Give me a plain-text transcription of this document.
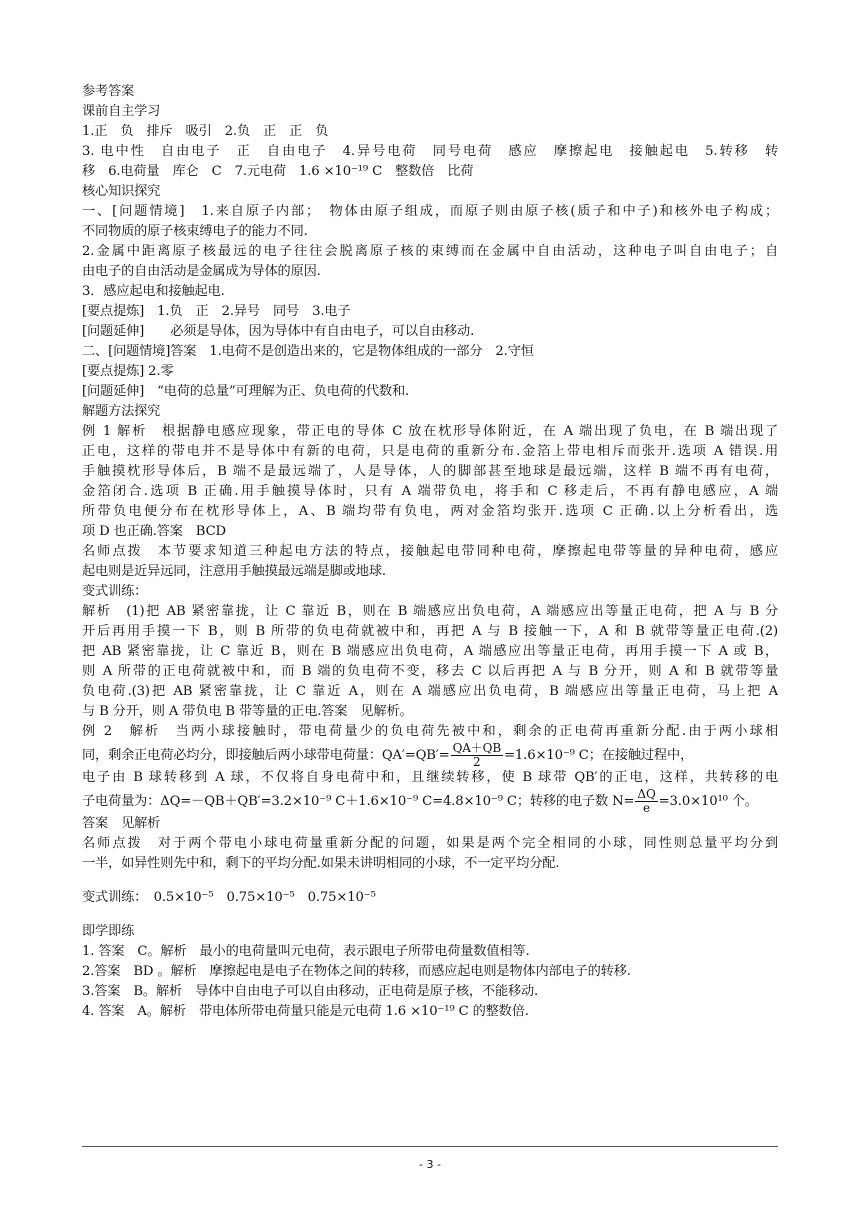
参考答案
课前自主学习
1.正　负　排斥　吸引　2.负　正　正　负
3. 电中性　自由电子　正　自由电子　4.异号电荷　同号电荷　感应　摩擦起电　接触起电　5.转移　转
移　6.电荷量　库仑　C　7.元电荷　1.6 ×10⁻¹⁹ C　整数倍　比荷
核心知识探究
一、[问题情境]　1.来自原子内部；　物体由原子组成，而原子则由原子核(质子和中子)和核外电子构成；
不同物质的原子核束缚电子的能力不同.
2.金属中距离原子核最远的电子往往会脱离原子核的束缚而在金属中自由活动，这种电子叫自由电子；自
由电子的自由活动是金属成为导体的原因.
3．感应起电和接触起电.
[要点提炼]　1.负　正　2.异号　同号　3.电子
[问题延伸]　　必须是导体，因为导体中有自由电子，可以自由移动.
二、[问题情境]答案　1.电荷不是创造出来的，它是物体组成的一部分　2.守恒
[要点提炼] 2.零
[问题延伸]　“电荷的总量”可理解为正、负电荷的代数和.
解题方法探究
例 1 解析　根据静电感应现象，带正电的导体 C 放在枕形导体附近，在 A 端出现了负电，在 B 端出现了
正电，这样的带电并不是导体中有新的电荷，只是电荷的重新分布.金箔上带电相斥而张开.选项 A 错误.用
手触摸枕形导体后，B 端不是最远端了，人是导体，人的脚部甚至地球是最远端，这样 B 端不再有电荷，
金箔闭合.选项 B 正确.用手触摸导体时，只有 A 端带负电，将手和 C 移走后，不再有静电感应，A 端
所带负电便分布在枕形导体上，A、B 端均带有负电，两对金箔均张开.选项 C 正确.以上分析看出，选
项 D 也正确.答案　BCD
名师点拨　本节要求知道三种起电方法的特点，接触起电带同种电荷，摩擦起电带等量的异种电荷，感应
起电则是近异远同，注意用手触摸最远端是脚或地球.
变式训练：
解析　(1)把 AB 紧密靠拢，让 C 靠近 B，则在 B 端感应出负电荷，A 端感应出等量正电荷，把 A 与 B 分
开后再用手摸一下 B，则 B 所带的负电荷就被中和，再把 A 与 B 接触一下，A 和 B 就带等量正电荷.(2)
把 AB 紧密靠拢，让 C 靠近 B，则在 B 端感应出负电荷，A 端感应出等量正电荷，再用手摸一下 A 或 B，
则 A 所带的正电荷就被中和，而 B 端的负电荷不变，移去 C 以后再把 A 与 B 分开，则 A 和 B 就带等量
负电荷.(3)把 AB 紧密靠拢，让 C 靠近 A，则在 A 端感应出负电荷，B 端感应出等量正电荷，马上把 A
与 B 分开，则 A 带负电 B 带等量的正电.答案　见解析。
例 2　解析　当两小球接触时，带电荷量少的负电荷先被中和，剩余的正电荷再重新分配.由于两小球相
同，剩余正电荷必均分，即接触后两小球带电荷量：$QA'=QB'= \frac{QA+QB}{2} =1.6\times 10^{-9}$ C；在接触过程中，
电子由 B 球转移到 A 球，不仅将自身电荷中和，且继续转移，使 B 球带 QB′的正电，这样，共转移的电
子电荷量为：ΔQ=－QB＋QB′=3.2×10⁻⁹ C＋1.6×10⁻⁹ C=4.8×10⁻⁹ C；转移的电子数 $N= \frac{\Delta Q}{e} =3.0\times 10^{10}$ 个。
答案　见解析
名师点拨　对于两个带电小球电荷量重新分配的问题，如果是两个完全相同的小球，同性则总量平均分到
一半，如异性则先中和，剩下的平均分配.如果未讲明相同的小球，不一定平均分配.
变式训练：　0.5×10⁻⁵　0.75×10⁻⁵　0.75×10⁻⁵
即学即练
1. 答案　C。解析　最小的电荷量叫元电荷，表示跟电子所带电荷量数值相等.
2.答案　BD 。解析　摩擦起电是电子在物体之间的转移，而感应起电则是物体内部电子的转移.
3.答案　B。解析　导体中自由电子可以自由移动，正电荷是原子核，不能移动.
4. 答案　A。解析　带电体所带电荷量只能是元电荷 1.6 ×10⁻¹⁹ C 的整数倍.
- 3 -
